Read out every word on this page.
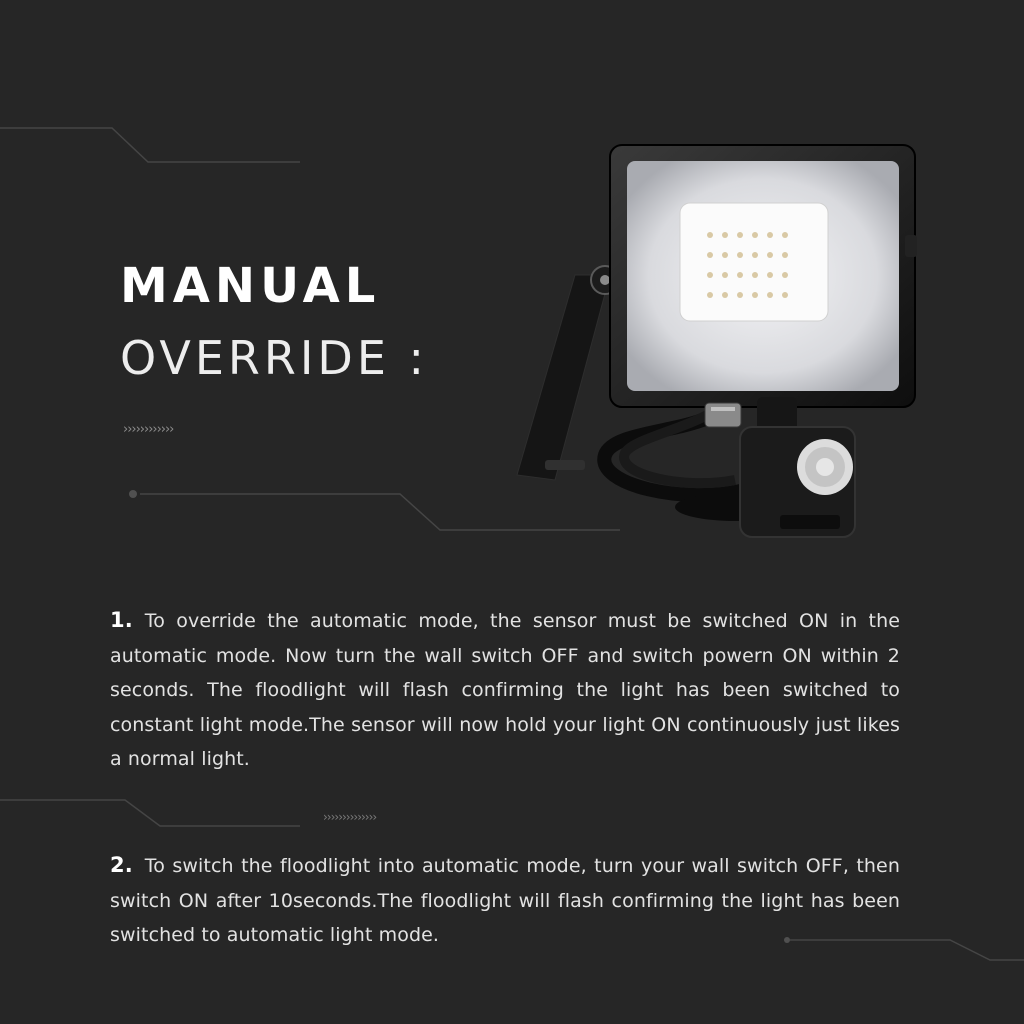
MANUAL
OVERRIDE :
››››››››››››
1. To override the automatic mode, the sensor must be switched ON in the automatic mode. Now turn the wall switch OFF and switch powern ON within 2 seconds. The floodlight will flash confirming the light has been switched to constant light mode.The sensor will now hold your light ON continuously just likes a normal light.
››››››››››››››
2. To switch the floodlight into automatic mode, turn your wall switch OFF, then switch ON after 10seconds.The floodlight will flash confirming the light has been switched to automatic light mode.
